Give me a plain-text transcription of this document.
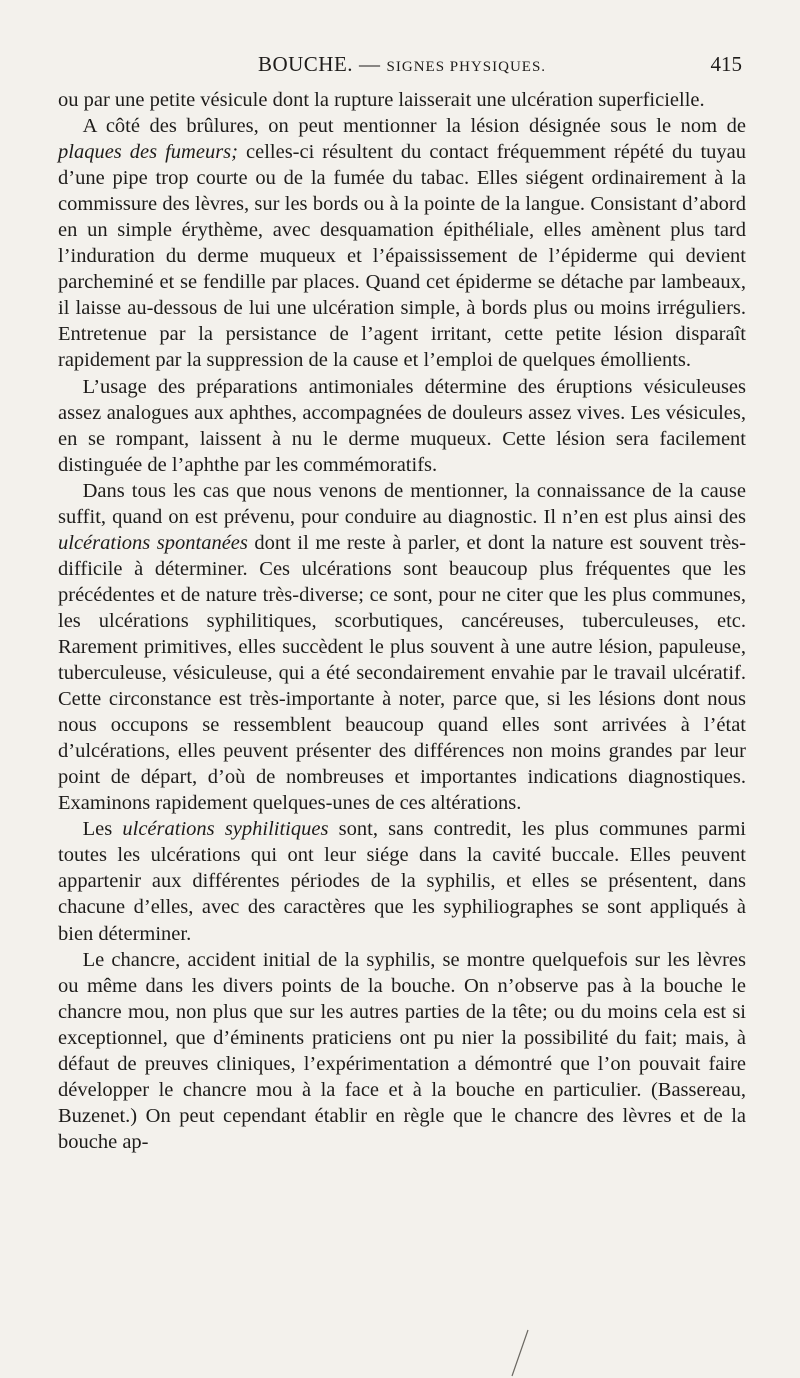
BOUCHE. — SIGNES PHYSIQUES.	415

ou par une petite vésicule dont la rupture laisserait une ulcération superficielle.

A côté des brûlures, on peut mentionner la lésion désignée sous le nom de plaques des fumeurs; celles-ci résultent du contact fréquemment répété du tuyau d’une pipe trop courte ou de la fumée du tabac. Elles siégent ordinairement à la commissure des lèvres, sur les bords ou à la pointe de la langue. Consistant d’abord en un simple érythème, avec desquamation épithéliale, elles amènent plus tard l’induration du derme muqueux et l’épaississement de l’épiderme qui devient parcheminé et se fendille par places. Quand cet épiderme se détache par lambeaux, il laisse au-dessous de lui une ulcération simple, à bords plus ou moins irréguliers. Entretenue par la persistance de l’agent irritant, cette petite lésion disparaît rapidement par la suppression de la cause et l’emploi de quelques émollients.

L’usage des préparations antimoniales détermine des éruptions vésiculeuses assez analogues aux aphthes, accompagnées de douleurs assez vives. Les vésicules, en se rompant, laissent à nu le derme muqueux. Cette lésion sera facilement distinguée de l’aphthe par les commémoratifs.

Dans tous les cas que nous venons de mentionner, la connaissance de la cause suffit, quand on est prévenu, pour conduire au diagnostic. Il n’en est plus ainsi des ulcérations spontanées dont il me reste à parler, et dont la nature est souvent très-difficile à déterminer. Ces ulcérations sont beaucoup plus fréquentes que les précédentes et de nature très-diverse; ce sont, pour ne citer que les plus communes, les ulcérations syphilitiques, scorbutiques, cancéreuses, tuberculeuses, etc. Rarement primitives, elles succèdent le plus souvent à une autre lésion, papuleuse, tuberculeuse, vésiculeuse, qui a été secondairement envahie par le travail ulcératif. Cette circonstance est très-importante à noter, parce que, si les lésions dont nous nous occupons se ressemblent beaucoup quand elles sont arrivées à l’état d’ulcérations, elles peuvent présenter des différences non moins grandes par leur point de départ, d’où de nombreuses et importantes indications diagnostiques. Examinons rapidement quelques-unes de ces altérations.

Les ulcérations syphilitiques sont, sans contredit, les plus communes parmi toutes les ulcérations qui ont leur siége dans la cavité buccale. Elles peuvent appartenir aux différentes périodes de la syphilis, et elles se présentent, dans chacune d’elles, avec des caractères que les syphiliographes se sont appliqués à bien déterminer.

Le chancre, accident initial de la syphilis, se montre quelquefois sur les lèvres ou même dans les divers points de la bouche. On n’observe pas à la bouche le chancre mou, non plus que sur les autres parties de la tête; ou du moins cela est si exceptionnel, que d’éminents praticiens ont pu nier la possibilité du fait; mais, à défaut de preuves cliniques, l’expérimentation a démontré que l’on pouvait faire développer le chancre mou à la face et à la bouche en particulier. (Bassereau, Buzenet.) On peut cependant établir en règle que le chancre des lèvres et de la bouche ap-
